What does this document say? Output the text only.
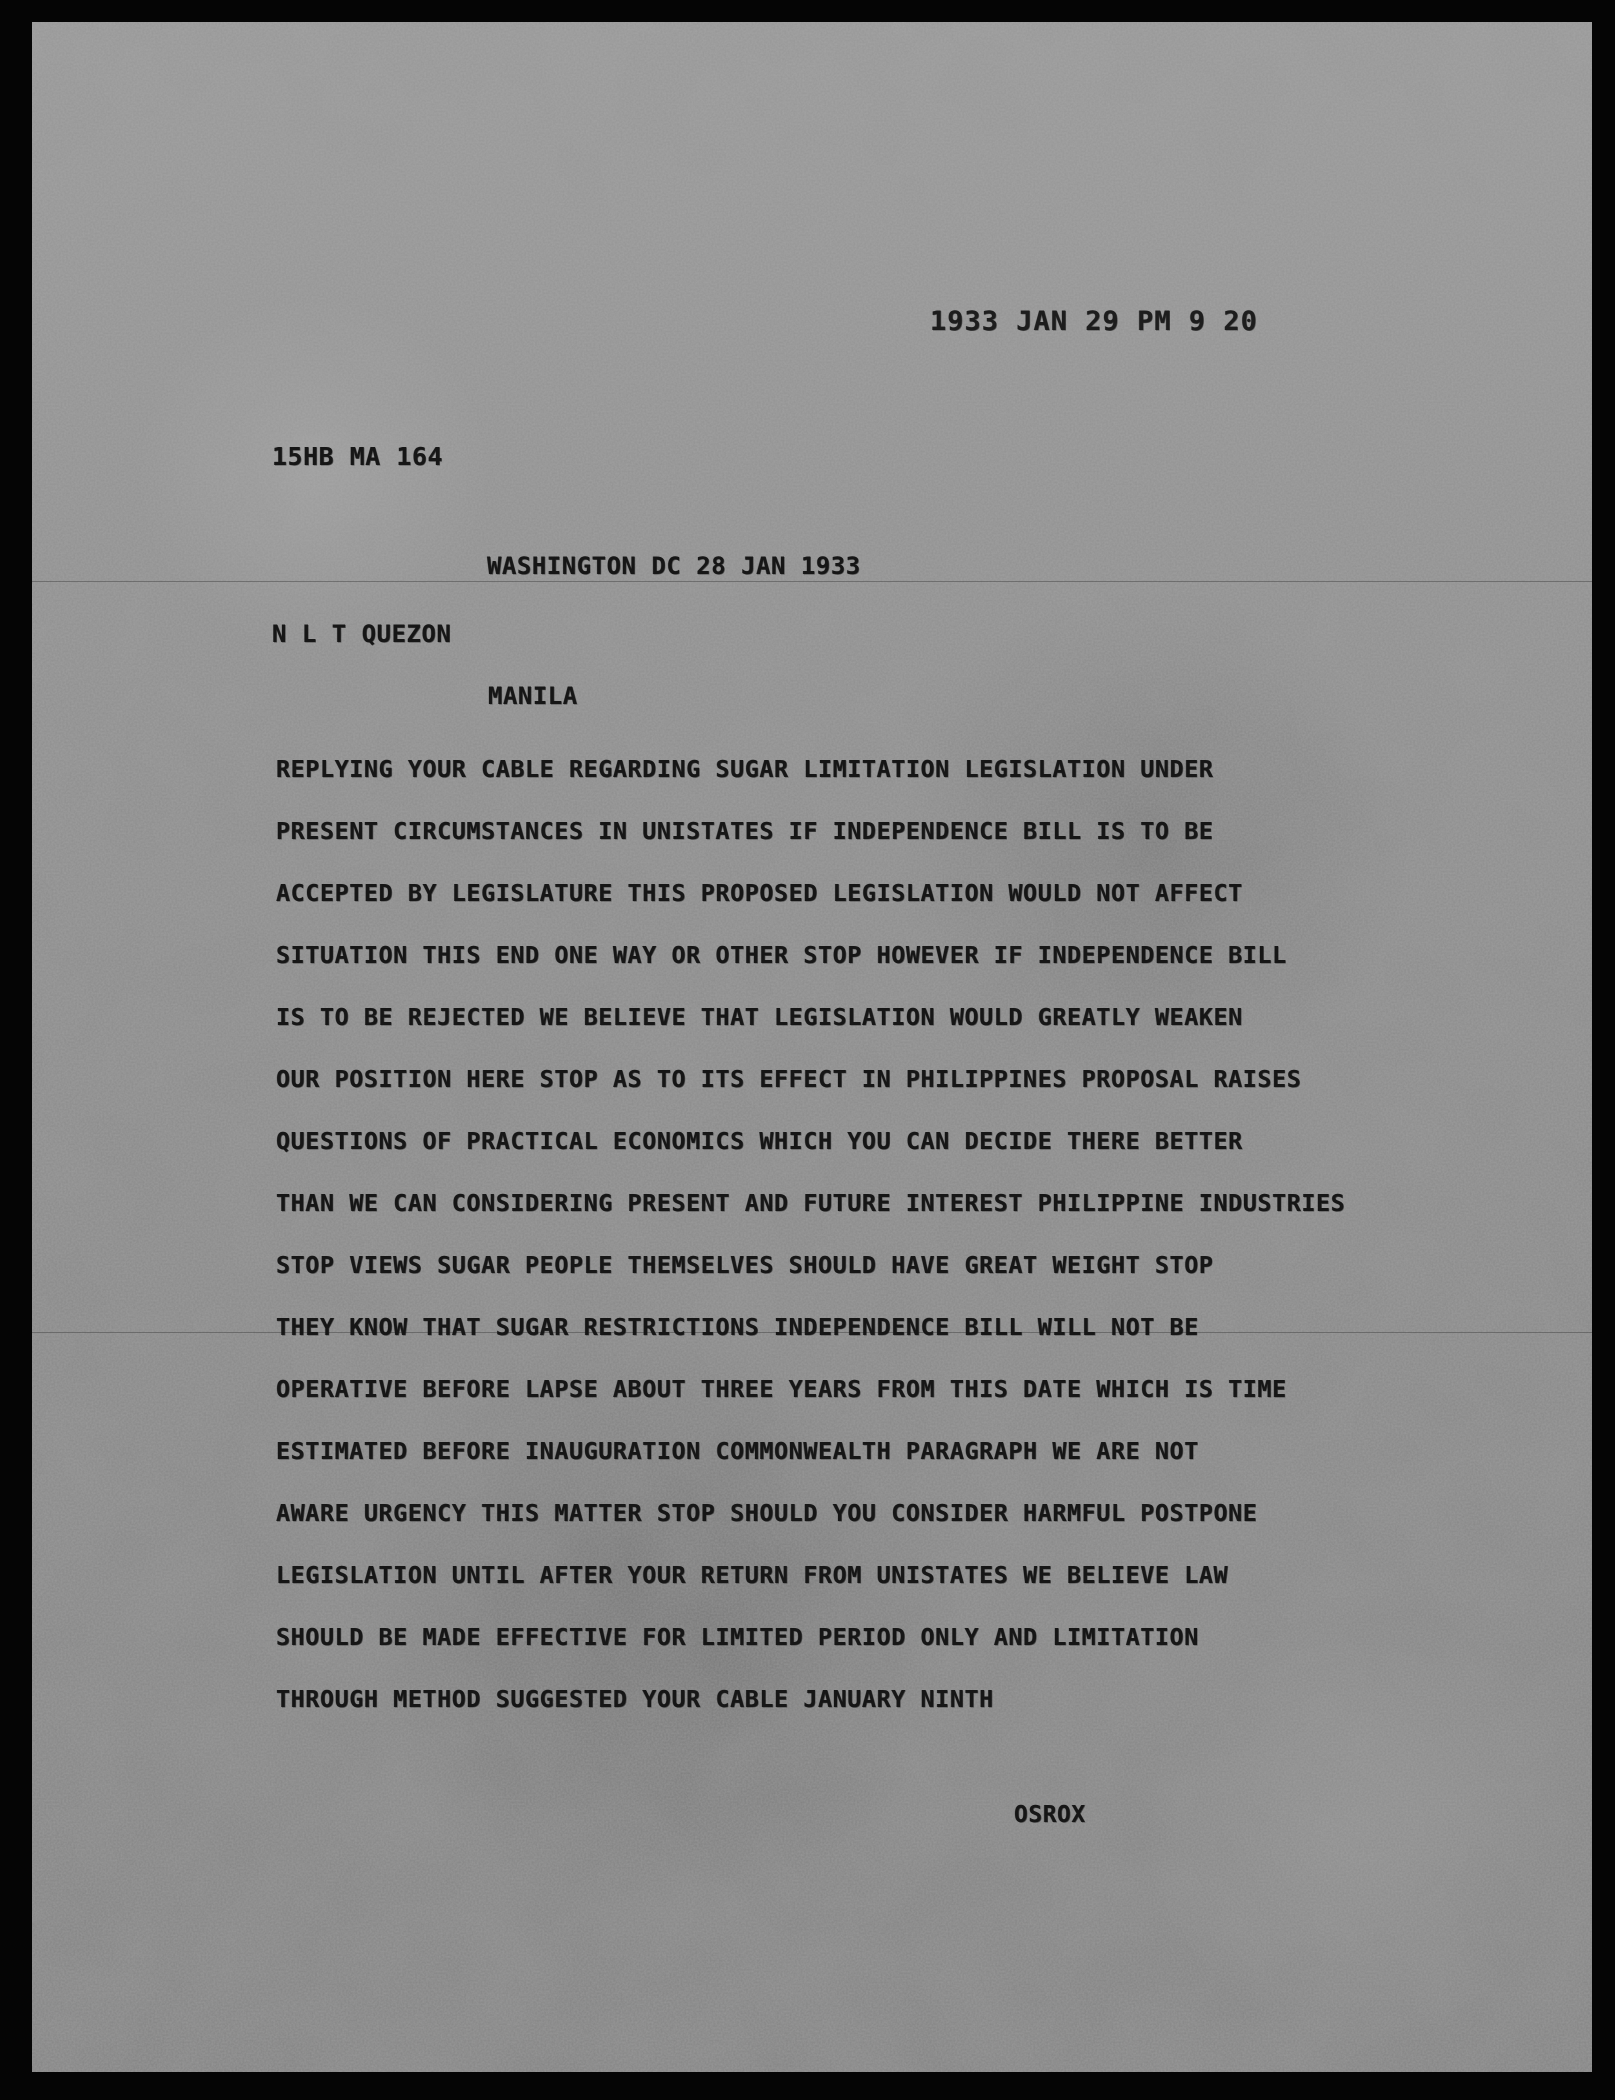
1933 JAN 29 PM 9 20

15HB MA 164

WASHINGTON DC 28 JAN 1933

N L T QUEZON

MANILA

REPLYING YOUR CABLE REGARDING SUGAR LIMITATION LEGISLATION UNDER

PRESENT CIRCUMSTANCES IN UNISTATES IF INDEPENDENCE BILL IS TO BE

ACCEPTED BY LEGISLATURE THIS PROPOSED LEGISLATION WOULD NOT AFFECT

SITUATION THIS END ONE WAY OR OTHER STOP HOWEVER IF INDEPENDENCE BILL

IS TO BE REJECTED WE BELIEVE THAT LEGISLATION WOULD GREATLY WEAKEN

OUR POSITION HERE STOP AS TO ITS EFFECT IN PHILIPPINES PROPOSAL RAISES

QUESTIONS OF PRACTICAL ECONOMICS WHICH YOU CAN DECIDE THERE BETTER

THAN WE CAN CONSIDERING PRESENT AND FUTURE INTEREST PHILIPPINE INDUSTRIES

STOP VIEWS SUGAR PEOPLE THEMSELVES SHOULD HAVE GREAT WEIGHT STOP

THEY KNOW THAT SUGAR RESTRICTIONS INDEPENDENCE BILL WILL NOT BE

OPERATIVE BEFORE LAPSE ABOUT THREE YEARS FROM THIS DATE WHICH IS TIME

ESTIMATED BEFORE INAUGURATION COMMONWEALTH PARAGRAPH WE ARE NOT

AWARE URGENCY THIS MATTER STOP SHOULD YOU CONSIDER HARMFUL POSTPONE

LEGISLATION UNTIL AFTER YOUR RETURN FROM UNISTATES WE BELIEVE LAW

SHOULD BE MADE EFFECTIVE FOR LIMITED PERIOD ONLY AND LIMITATION

THROUGH METHOD SUGGESTED YOUR CABLE JANUARY NINTH

OSROX
